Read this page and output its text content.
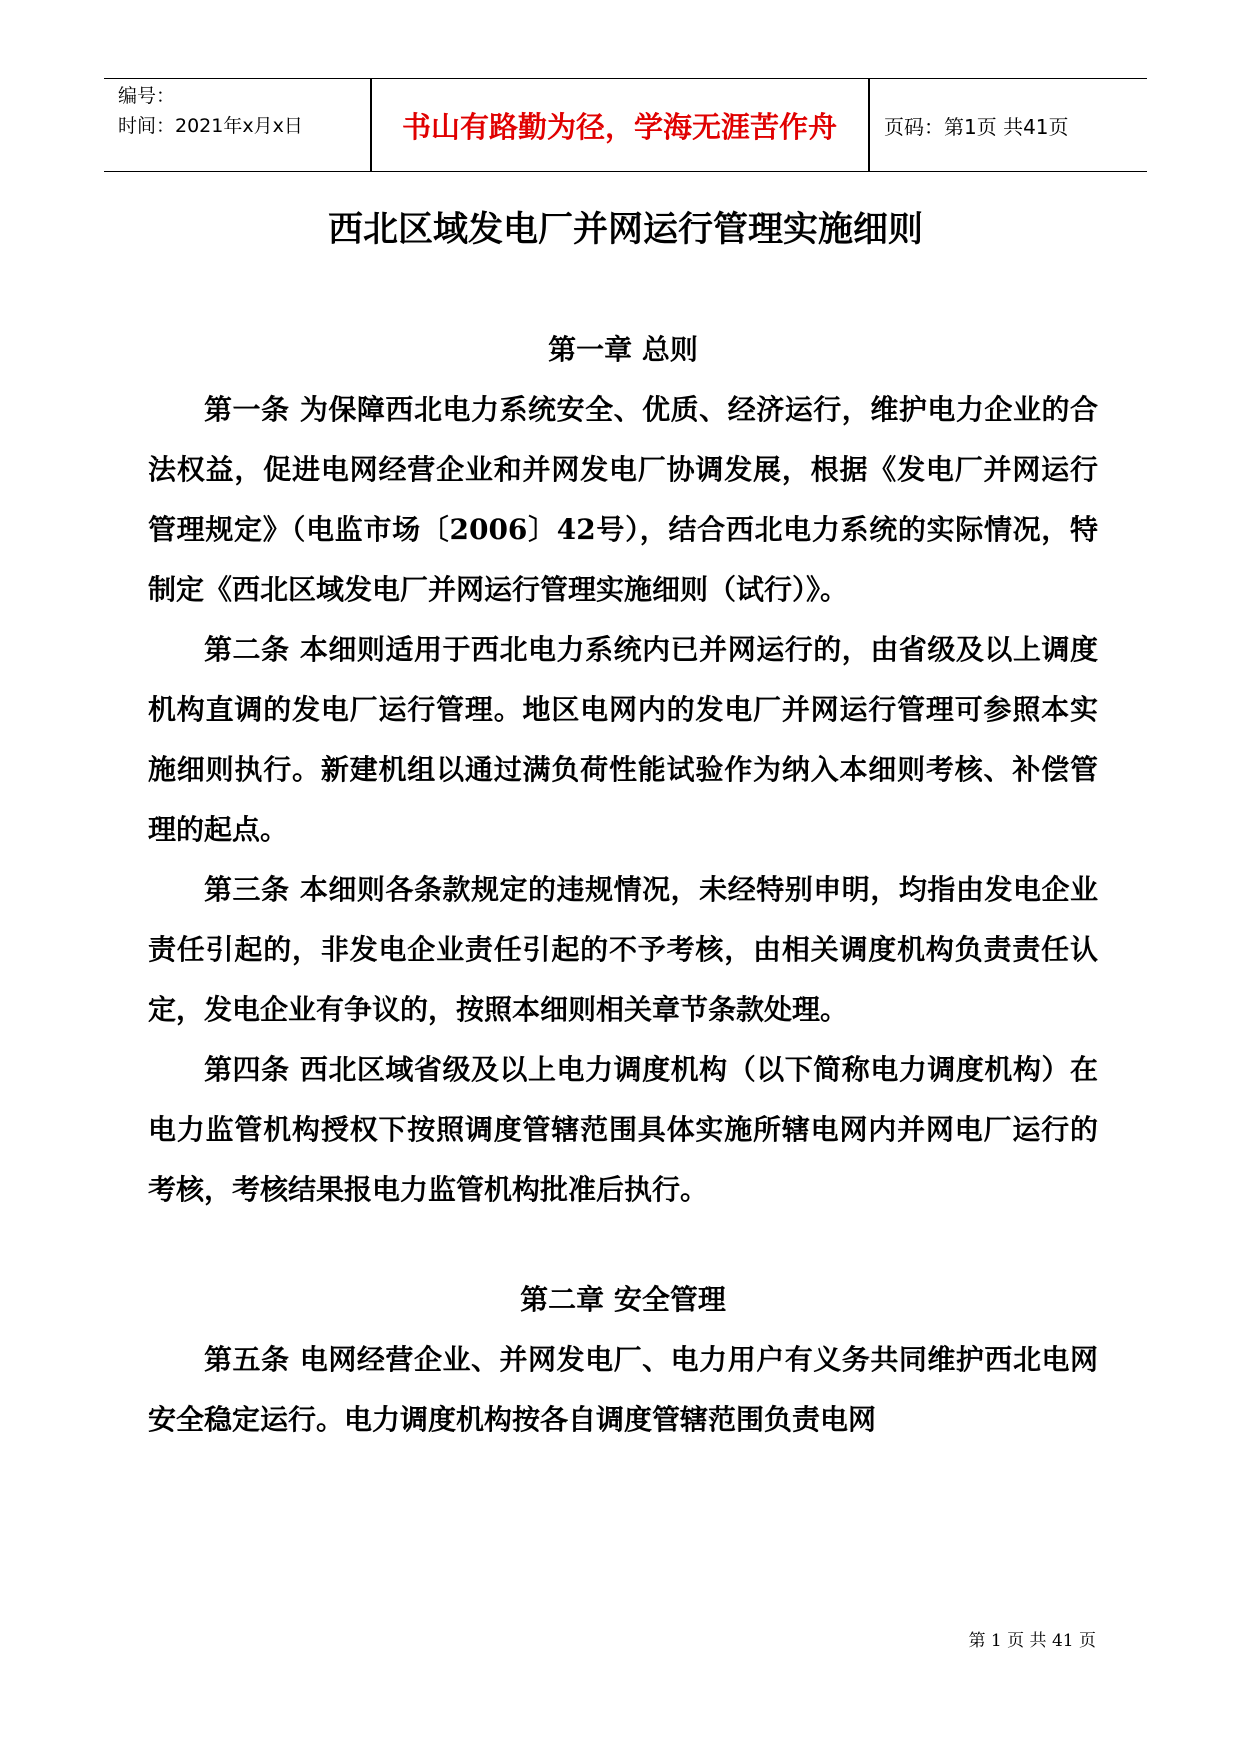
编号：
时间：2021年x月x日	书山有路勤为径，学海无涯苦作舟	页码：第1页 共41页
西北区域发电厂并网运行管理实施细则

第一章 总则

第一条 为保障西北电力系统安全、优质、经济运行，维护电力企业的合法权益，促进电网经营企业和并网发电厂协调发展，根据《发电厂并网运行管理规定》（电监市场〔2006〕42号），结合西北电力系统的实际情况，特制定《西北区域发电厂并网运行管理实施细则（试行）》。

第二条 本细则适用于西北电力系统内已并网运行的，由省级及以上调度机构直调的发电厂运行管理。地区电网内的发电厂并网运行管理可参照本实施细则执行。新建机组以通过满负荷性能试验作为纳入本细则考核、补偿管理的起点。

第三条 本细则各条款规定的违规情况，未经特别申明，均指由发电企业责任引起的，非发电企业责任引起的不予考核，由相关调度机构负责责任认定，发电企业有争议的，按照本细则相关章节条款处理。

第四条 西北区域省级及以上电力调度机构（以下简称电力调度机构）在电力监管机构授权下按照调度管辖范围具体实施所辖电网内并网电厂运行的考核，考核结果报电力监管机构批准后执行。

第二章 安全管理

第五条 电网经营企业、并网发电厂、电力用户有义务共同维护西北电网安全稳定运行。电力调度机构按各自调度管辖范围负责电网

第 1 页 共 41 页
